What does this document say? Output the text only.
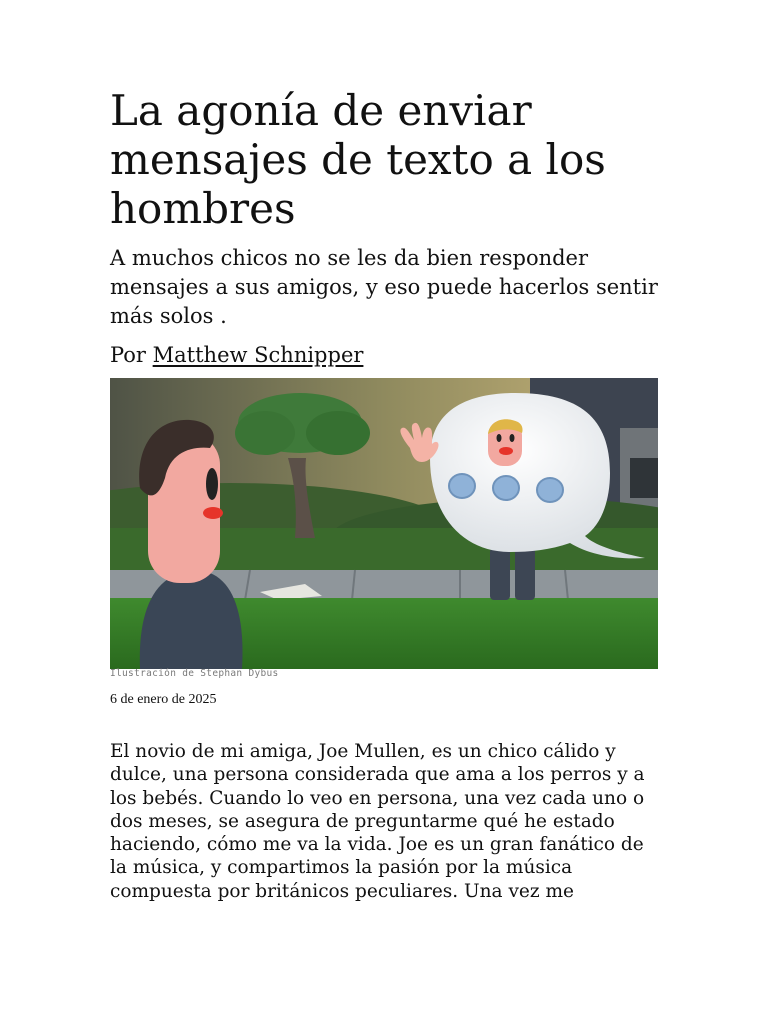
La agonía de enviar mensajes de texto a los hombres

A muchos chicos no se les da bien responder mensajes a sus amigos, y eso puede hacerlos sentir más solos .

Por Matthew Schnipper

Ilustración de Stephan Dybus

6 de enero de 2025

El novio de mi amiga, Joe Mullen, es un chico cálido y dulce, una persona considerada que ama a los perros y a los bebés. Cuando lo veo en persona, una vez cada uno o dos meses, se asegura de preguntarme qué he estado haciendo, cómo me va la vida. Joe es un gran fanático de la música, y compartimos la pasión por la música compuesta por británicos peculiares. Una vez me
